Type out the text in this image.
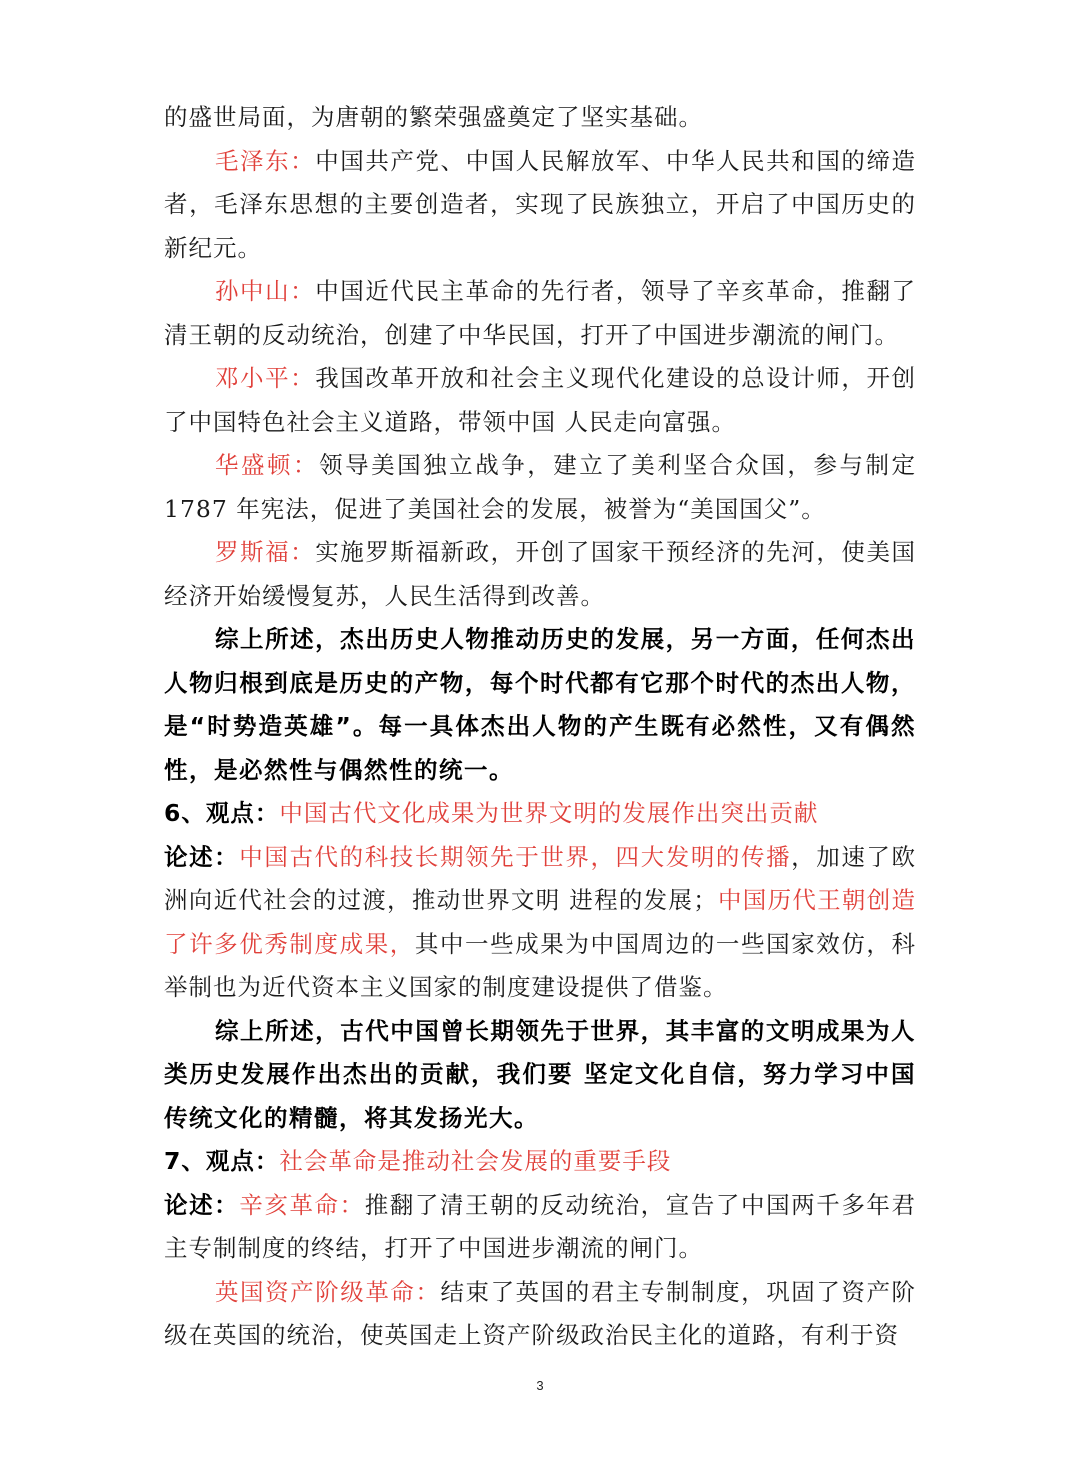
的盛世局面，为唐朝的繁荣强盛奠定了坚实基础。

毛泽东：中国共产党、中国人民解放军、中华人民共和国的缔造者，毛泽东思想的主要创造者，实现了民族独立，开启了中国历史的新纪元。

孙中山：中国近代民主革命的先行者，领导了辛亥革命，推翻了清王朝的反动统治，创建了中华民国，打开了中国进步潮流的闸门。

邓小平：我国改革开放和社会主义现代化建设的总设计师，开创了中国特色社会主义道路，带领中国 人民走向富强。

华盛顿：领导美国独立战争，建立了美利坚合众国，参与制定 1787 年宪法，促进了美国社会的发展，被誉为“美国国父”。

罗斯福：实施罗斯福新政，开创了国家干预经济的先河，使美国经济开始缓慢复苏，人民生活得到改善。

综上所述，杰出历史人物推动历史的发展，另一方面，任何杰出人物归根到底是历史的产物，每个时代都有它那个时代的杰出人物，是“时势造英雄”。每一具体杰出人物的产生既有必然性，又有偶然性，是必然性与偶然性的统一。

6、观点：中国古代文化成果为世界文明的发展作出突出贡献

论述：中国古代的科技长期领先于世界，四大发明的传播，加速了欧洲向近代社会的过渡，推动世界文明 进程的发展；中国历代王朝创造了许多优秀制度成果，其中一些成果为中国周边的一些国家效仿，科举制也为近代资本主义国家的制度建设提供了借鉴。

综上所述，古代中国曾长期领先于世界，其丰富的文明成果为人类历史发展作出杰出的贡献，我们要 坚定文化自信，努力学习中国传统文化的精髓，将其发扬光大。

7、观点：社会革命是推动社会发展的重要手段

论述：辛亥革命：推翻了清王朝的反动统治，宣告了中国两千多年君主专制制度的终结，打开了中国进步潮流的闸门。

英国资产阶级革命：结束了英国的君主专制制度，巩固了资产阶级在英国的统治，使英国走上资产阶级政治民主化的道路，有利于资

3
